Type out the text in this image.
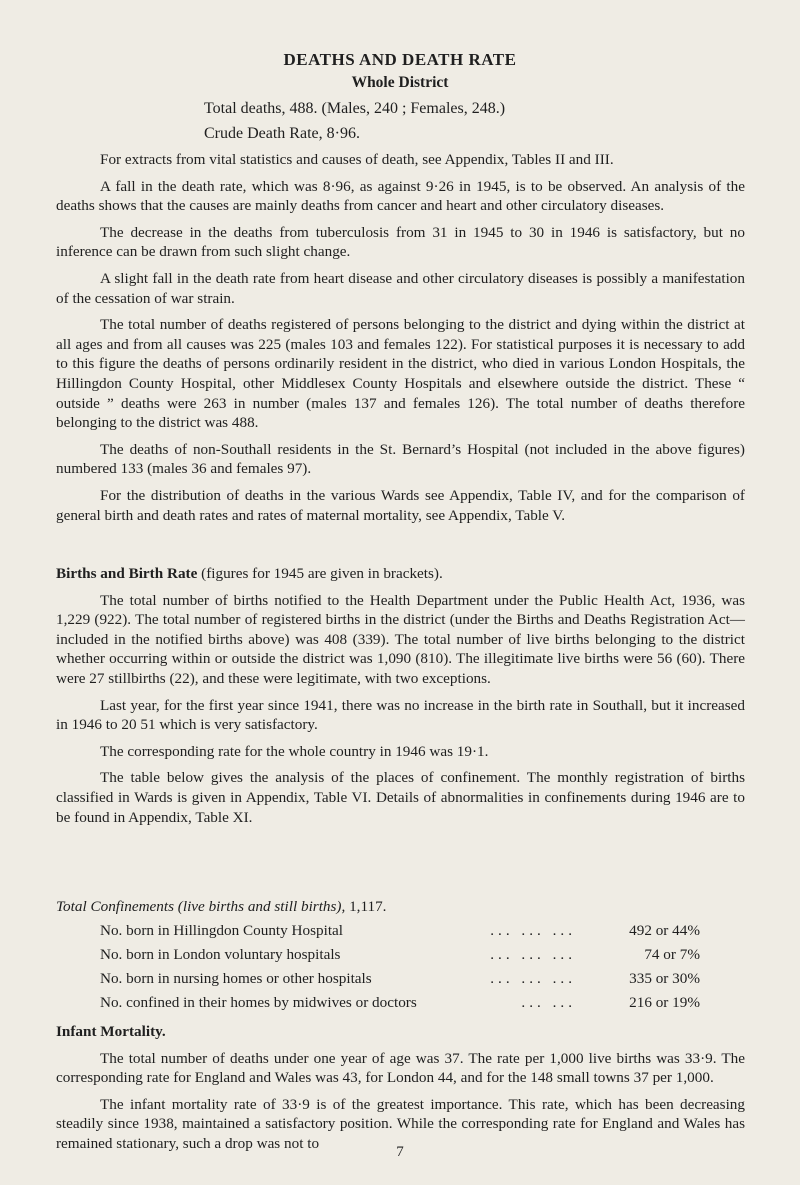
DEATHS AND DEATH RATE
Whole District
Total deaths, 488. (Males, 240 ; Females, 248.)
Crude Death Rate, 8·96.

For extracts from vital statistics and causes of death, see Appendix, Tables II and III.

A fall in the death rate, which was 8·96, as against 9·26 in 1945, is to be observed. An analysis of the deaths shows that the causes are mainly deaths from cancer and heart and other circulatory diseases.

The decrease in the deaths from tuberculosis from 31 in 1945 to 30 in 1946 is satisfactory, but no inference can be drawn from such slight change.

A slight fall in the death rate from heart disease and other circulatory diseases is possibly a manifestation of the cessation of war strain.

The total number of deaths registered of persons belonging to the district and dying within the district at all ages and from all causes was 225 (males 103 and females 122). For statistical purposes it is necessary to add to this figure the deaths of persons ordinarily resident in the district, who died in various London Hospitals, the Hillingdon County Hospital, other Middlesex County Hospitals and elsewhere outside the district. These “ outside ” deaths were 263 in number (males 137 and females 126). The total number of deaths therefore belonging to the district was 488.

The deaths of non-Southall residents in the St. Bernard’s Hospital (not included in the above figures) numbered 133 (males 36 and females 97).

For the distribution of deaths in the various Wards see Appendix, Table IV, and for the comparison of general birth and death rates and rates of maternal mortality, see Appendix, Table V.

Births and Birth Rate (figures for 1945 are given in brackets).

The total number of births notified to the Health Department under the Public Health Act, 1936, was 1,229 (922). The total number of registered births in the district (under the Births and Deaths Registration Act—included in the notified births above) was 408 (339). The total number of live births belonging to the district whether occurring within or outside the district was 1,090 (810). The illegitimate live births were 56 (60). There were 27 stillbirths (22), and these were legitimate, with two exceptions.

Last year, for the first year since 1941, there was no increase in the birth rate in Southall, but it increased in 1946 to 20 51 which is very satisfactory.

The corresponding rate for the whole country in 1946 was 19·1.

The table below gives the analysis of the places of confinement. The monthly registration of births classified in Wards is given in Appendix, Table VI. Details of abnormalities in confinements during 1946 are to be found in Appendix, Table XI.

Total Confinements (live births and still births), 1,117.
No. born in Hillingdon County Hospital	... ... ...	492 or 44%
No. born in London voluntary hospitals	... ... ...	74 or 7%
No. born in nursing homes or other hospitals	... ... ...	335 or 30%
No. confined in their homes by midwives or doctors	... ...	216 or 19%

Infant Mortality.

The total number of deaths under one year of age was 37. The rate per 1,000 live births was 33·9. The corresponding rate for England and Wales was 43, for London 44, and for the 148 small towns 37 per 1,000.

The infant mortality rate of 33·9 is of the greatest importance. This rate, which has been decreasing steadily since 1938, maintained a satisfactory position. While the corresponding rate for England and Wales has remained stationary, such a drop was not to

7
